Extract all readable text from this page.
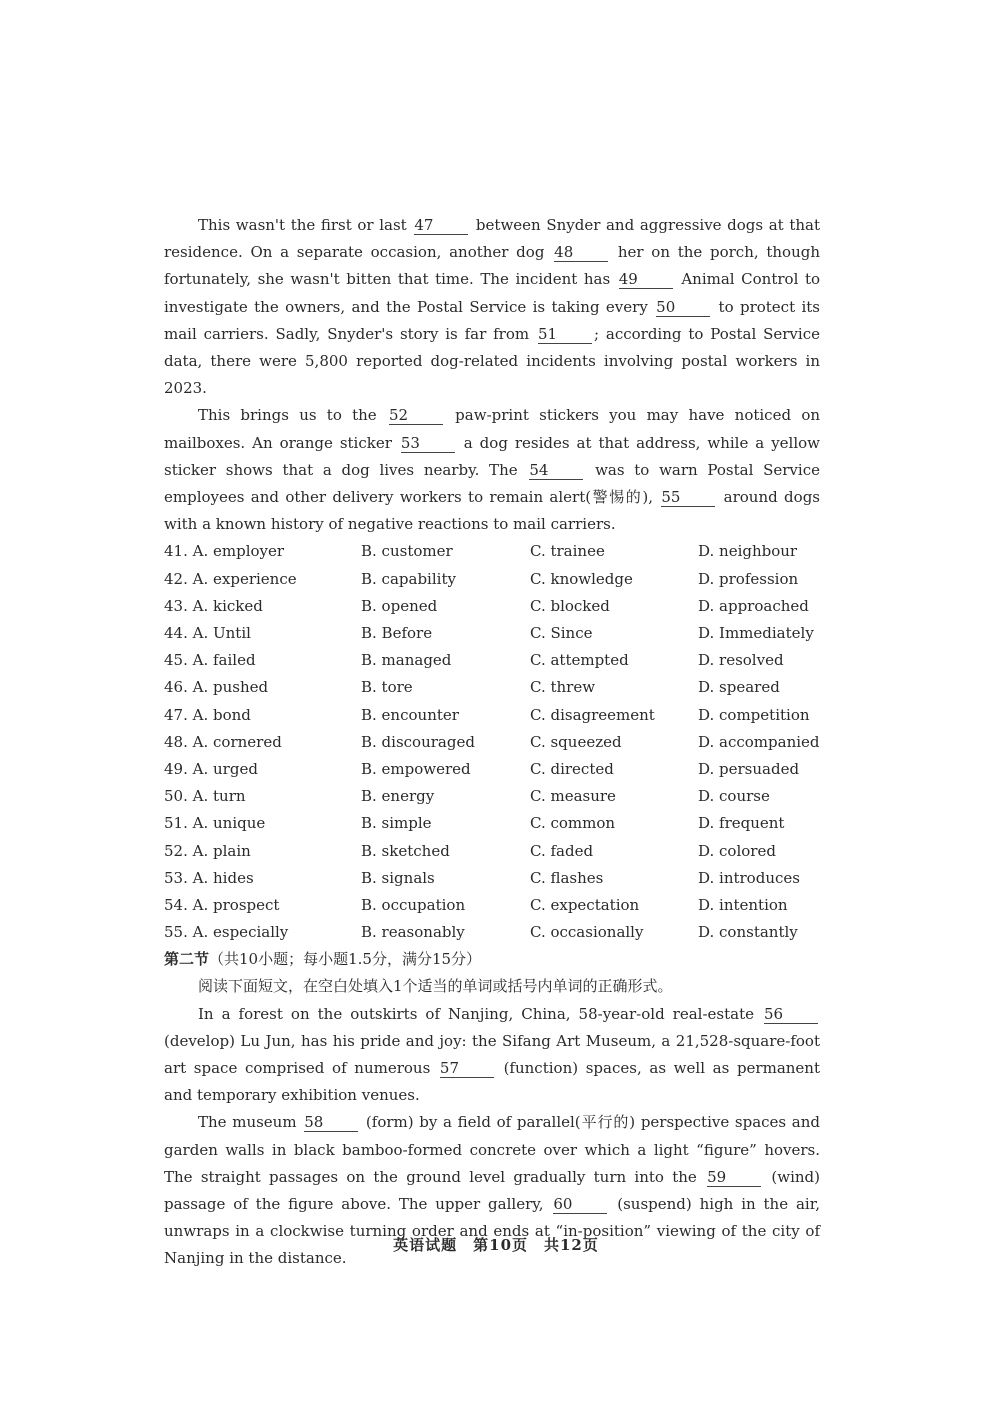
This wasn't the first or last 47 between Snyder and aggressive dogs at that residence. On a separate occasion, another dog 48 her on the porch, though fortunately, she wasn't bitten that time. The incident has 49 Animal Control to investigate the owners, and the Postal Service is taking every 50 to protect its mail carriers. Sadly, Snyder's story is far from 51 ; according to Postal Service data, there were 5,800 reported dog-related incidents involving postal workers in 2023.

This brings us to the 52 paw-print stickers you may have noticed on mailboxes. An orange sticker 53 a dog resides at that address, while a yellow sticker shows that a dog lives nearby. The 54 was to warn Postal Service employees and other delivery workers to remain alert(警惕的), 55 around dogs with a known history of negative reactions to mail carriers.

41. A. employer	B. customer	C. trainee	D. neighbour
42. A. experience	B. capability	C. knowledge	D. profession
43. A. kicked	B. opened	C. blocked	D. approached
44. A. Until	B. Before	C. Since	D. Immediately
45. A. failed	B. managed	C. attempted	D. resolved
46. A. pushed	B. tore	C. threw	D. speared
47. A. bond	B. encounter	C. disagreement	D. competition
48. A. cornered	B. discouraged	C. squeezed	D. accompanied
49. A. urged	B. empowered	C. directed	D. persuaded
50. A. turn	B. energy	C. measure	D. course
51. A. unique	B. simple	C. common	D. frequent
52. A. plain	B. sketched	C. faded	D. colored
53. A. hides	B. signals	C. flashes	D. introduces
54. A. prospect	B. occupation	C. expectation	D. intention
55. A. especially	B. reasonably	C. occasionally	D. constantly
第二节（共10小题；每小题1.5分，满分15分）

阅读下面短文，在空白处填入1个适当的单词或括号内单词的正确形式。

In a forest on the outskirts of Nanjing, China, 58-year-old real-estate 56 (develop) Lu Jun, has his pride and joy: the Sifang Art Museum, a 21,528-square-foot art space comprised of numerous 57 (function) spaces, as well as permanent and temporary exhibition venues.

The museum 58 (form) by a field of parallel(平行的) perspective spaces and garden walls in black bamboo-formed concrete over which a light “figure” hovers. The straight passages on the ground level gradually turn into the 59 (wind) passage of the figure above. The upper gallery, 60 (suspend) high in the air, unwraps in a clockwise turning order and ends at “in-position” viewing of the city of Nanjing in the distance.

英语试题　第10页　共12页
